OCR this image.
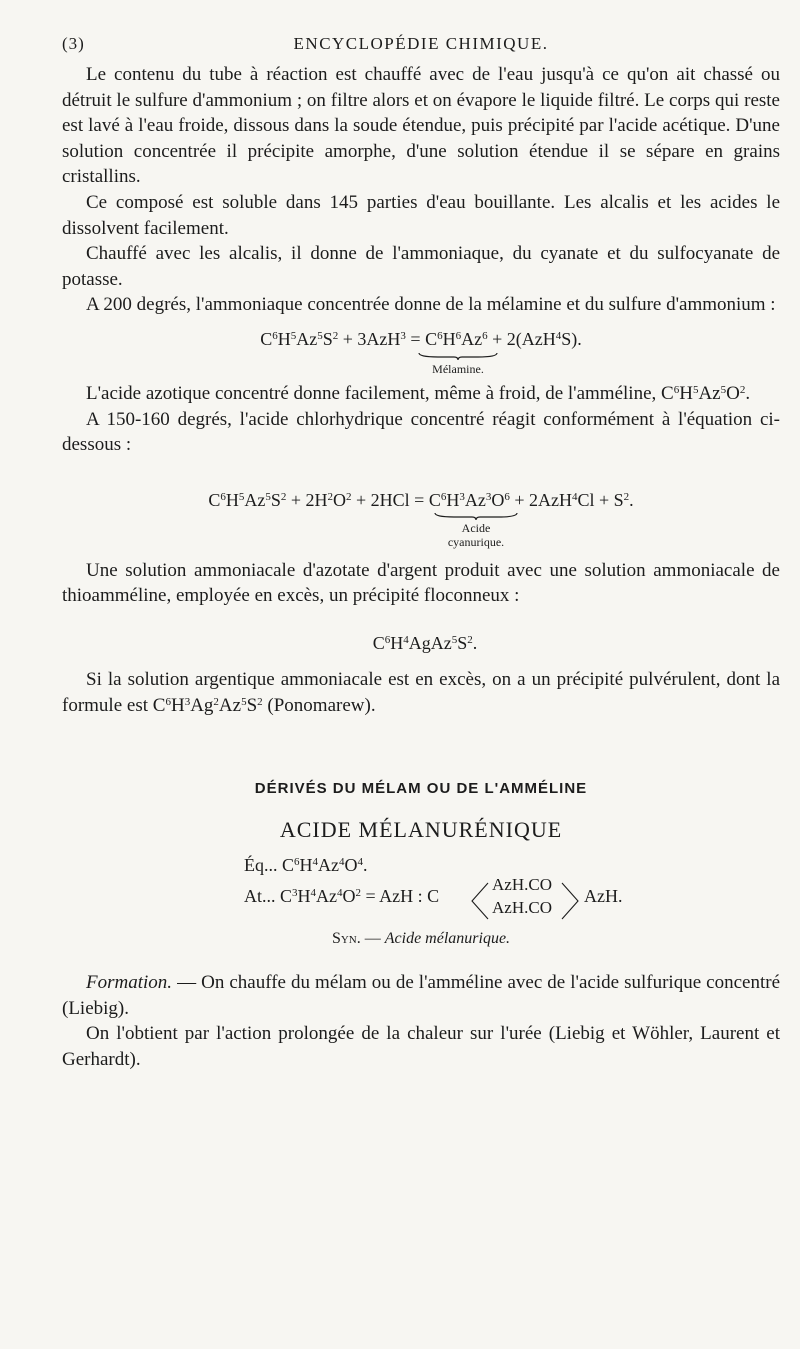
(3)	ENCYCLOPÉDIE CHIMIQUE.

Le contenu du tube à réaction est chauffé avec de l'eau jusqu'à ce qu'on ait chassé ou détruit le sulfure d'ammonium ; on filtre alors et on évapore le liquide filtré. Le corps qui reste est lavé à l'eau froide, dissous dans la soude étendue, puis précipité par l'acide acétique. D'une solution concentrée il précipite amorphe, d'une solution étendue il se sépare en grains cristallins.

Ce composé est soluble dans 145 parties d'eau bouillante. Les alcalis et les acides le dissolvent facilement.

Chauffé avec les alcalis, il donne de l'ammoniaque, du cyanate et du sulfocyanate de potasse.

A 200 degrés, l'ammoniaque concentrée donne de la mélamine et du sulfure d'ammonium :

$C^6H^5Az^5S^2 + 3AzH^3 = C^6H^6Az^6 + 2(AzH^4S)$.
Mélamine.

L'acide azotique concentré donne facilement, même à froid, de l'amméline, $C^6H^5Az^5O^2$.

A 150-160 degrés, l'acide chlorhydrique concentré réagit conformément à l'équation ci-dessous :

$C^6H^5Az^5S^2 + 2H^2O^2 + 2HCl = C^6H^3Az^3O^6 + 2AzH^4Cl + S^2$.
Acide
cyanurique.

Une solution ammoniacale d'azotate d'argent produit avec une solution ammoniacale de thioamméline, employée en excès, un précipité floconneux :

$C^6H^4AgAz^5S^2$.

Si la solution argentique ammoniacale est en excès, on a un précipité pulvérulent, dont la formule est $C^6H^3Ag^2Az^5S^2$ (Ponomarew).

DÉRIVÉS DU MÉLAM OU DE L'AMMÉLINE
ACIDE MÉLANURÉNIQUE
Éq... $C^6H^4Az^4O^4$.
At... $C^3H^4Az^4O^2$ = AzH : C
AzH.CO
AzH.CO
AzH.
Syn. — Acide mélanurique.

Formation. — On chauffe du mélam ou de l'amméline avec de l'acide sulfurique concentré (Liebig).

On l'obtient par l'action prolongée de la chaleur sur l'urée (Liebig et Wöhler, Laurent et Gerhardt).
